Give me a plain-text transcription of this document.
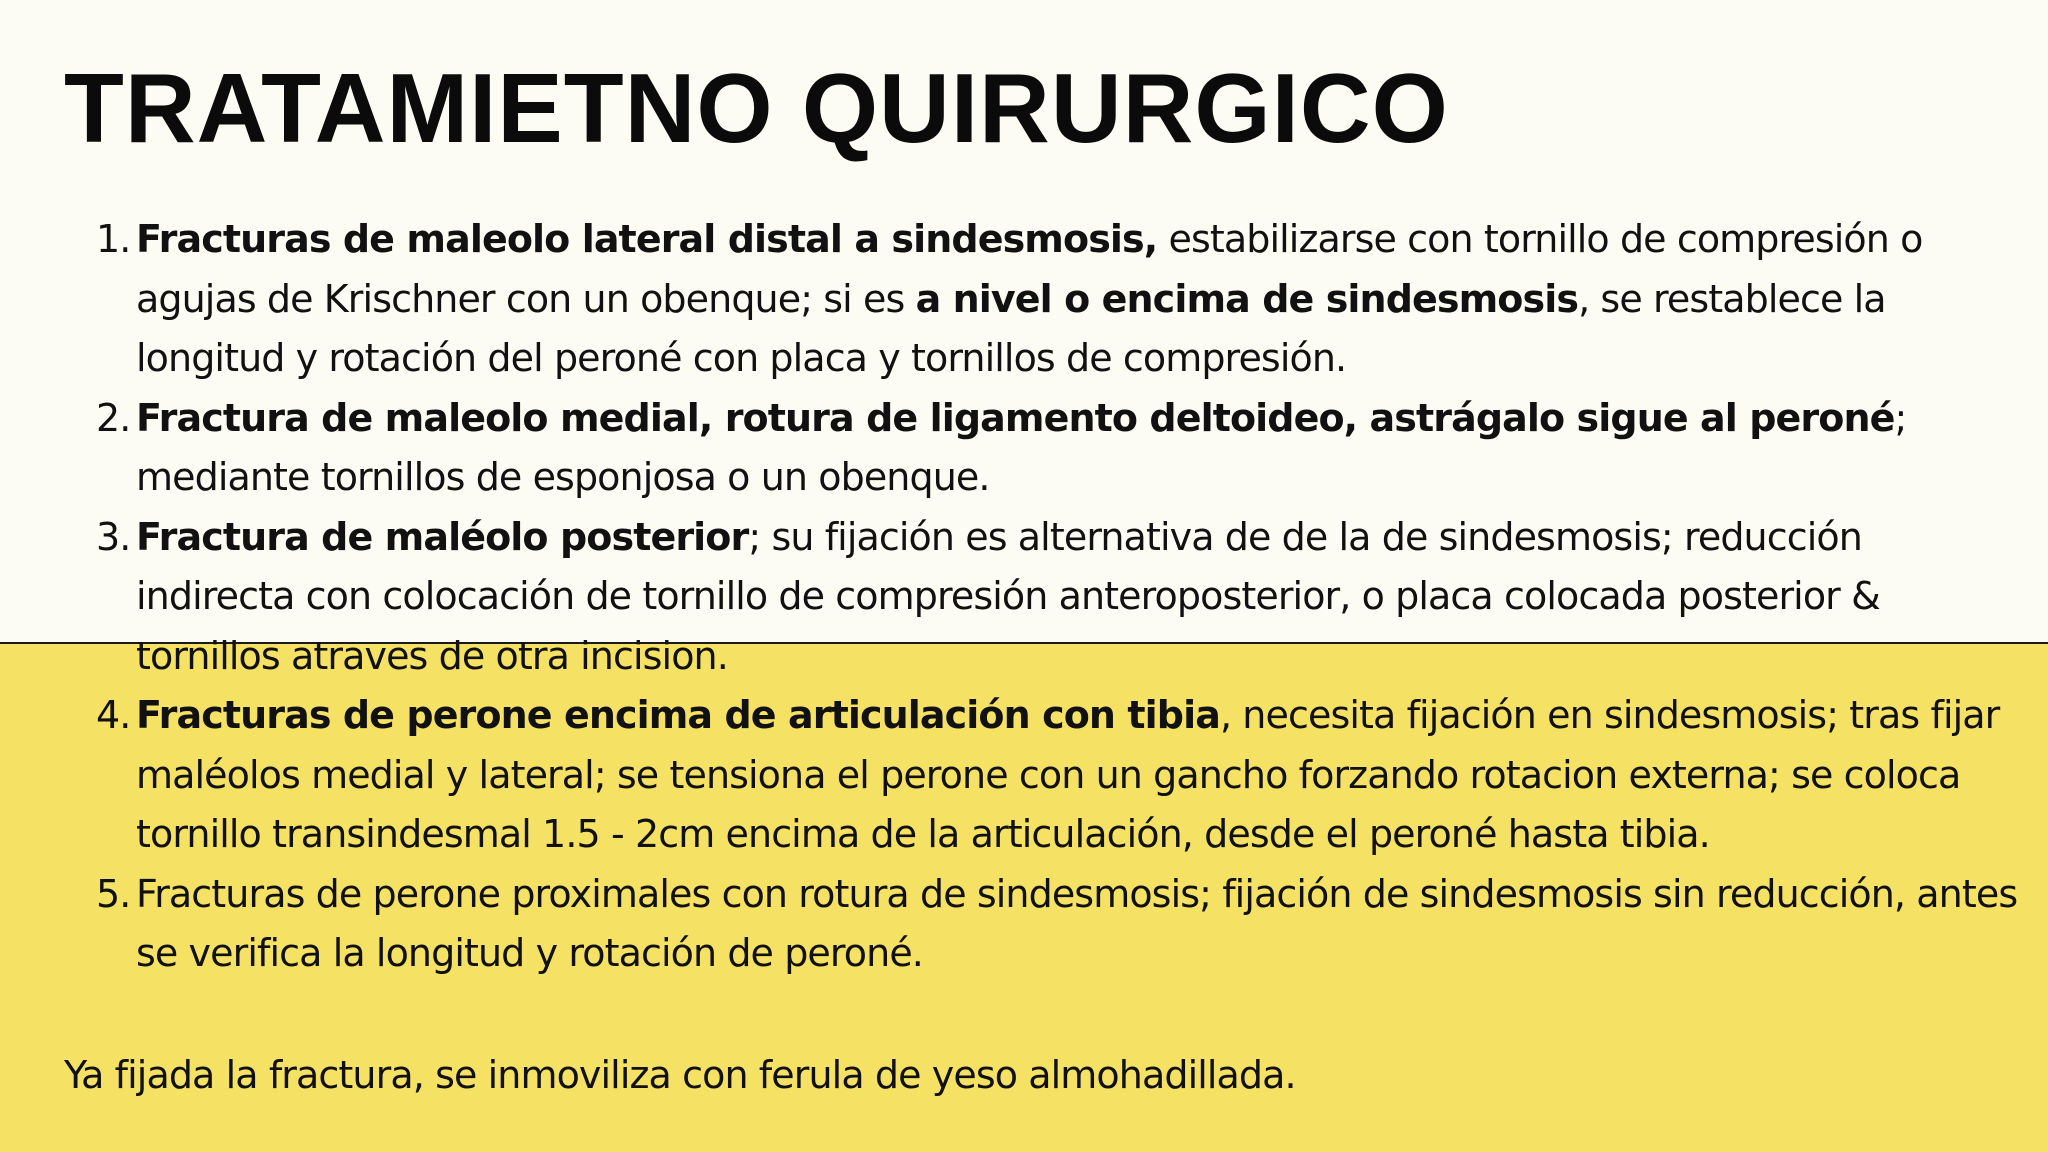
TRATAMIETNO QUIRURGICO
1. Fracturas de maleolo lateral distal a sindesmosis, estabilizarse con tornillo de compresión o agujas de Krischner con un obenque; si es a nivel o encima de sindesmosis, se restablece la longitud y rotación del peroné con placa y tornillos de compresión.
2. Fractura de maleolo medial, rotura de ligamento deltoideo, astrágalo sigue al peroné; mediante tornillos de esponjosa o un obenque.
3. Fractura de maléolo posterior; su fijación es alternativa de de la de sindesmosis; reducción indirecta con colocación de tornillo de compresión anteroposterior, o placa colocada posterior & tornillos atraves de otra incision.
4. Fracturas de perone encima de articulación con tibia, necesita fijación en sindesmosis; tras fijar maléolos medial y lateral; se tensiona el perone con un gancho forzando rotacion externa; se coloca tornillo transindesmal 1.5 - 2cm encima de la articulación, desde el peroné hasta tibia.
5. Fracturas de perone proximales con rotura de sindesmosis; fijación de sindesmosis sin reducción, antes se verifica la longitud y rotación de peroné.

Ya fijada la fractura, se inmoviliza con ferula de yeso almohadillada.
